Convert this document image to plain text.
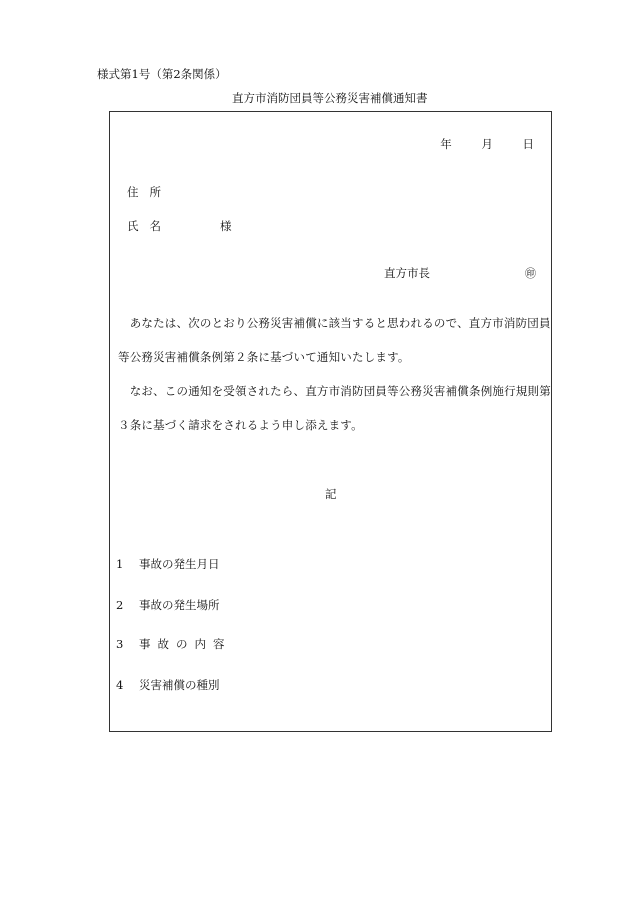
様式第1号（第2条関係）
直方市消防団員等公務災害補償通知書
年	月	日
住所
氏名	様
直方市長	㊞
　あなたは、次のとおり公務災害補償に該当すると思われるので、直方市消防団員
等公務災害補償条例第２条に基づいて通知いたします。
　なお、この通知を受領されたら、直方市消防団員等公務災害補償条例施行規則第
３条に基づく請求をされるよう申し添えます。
記
1 事故の発生月日
2 事故の発生場所
3 事故の内容
4 災害補償の種別
